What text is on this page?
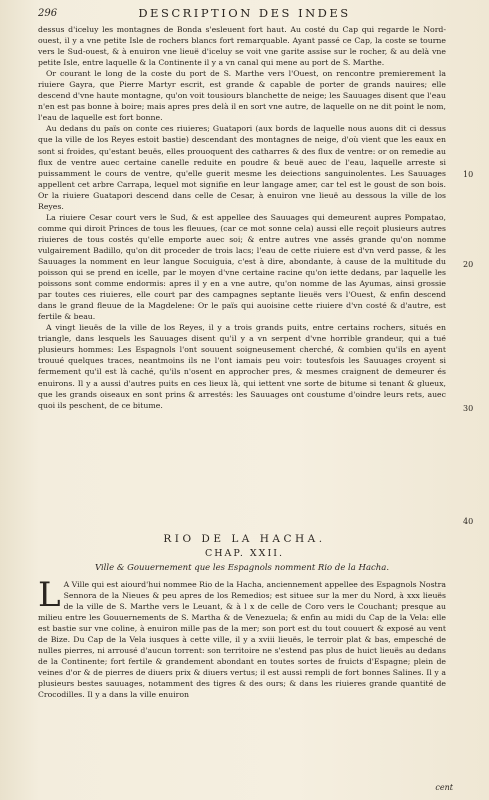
296	DESCRIPTION DES INDES

dessus d'iceluy les montagnes de Bonda s'esleuent fort haut. Au costé du Cap qui regarde le Nord-ouest, il y a vne petite Isle de rochers blancs fort remarquable. Ayant passé ce Cap, la coste se tourne vers le Sud-ouest, & à enuiron vne lieuë d'iceluy se voit vne garite assise sur le rocher, & au delà vne petite Isle, entre laquelle & la Continente il y a vn canal qui mene au port de S. Marthe.

Or courant le long de la coste du port de S. Marthe vers l'Ouest, on rencontre premierement la riuiere Gayra, que Pierre Martyr escrit, est grande & capable de porter de grands nauires; elle descend d'vne haute montagne, qu'on voit tousiours blanchette de neige; les Sauuages disent que l'eau n'en est pas bonne à boire; mais apres pres delà il en sort vne autre, de laquelle on ne dit point le nom, l'eau de laquelle est fort bonne.

Au dedans du païs on conte ces riuieres; Guatapori (aux bords de laquelle nous auons dit ci dessus que la ville de los Reyes estoit bastie) descendant des montagnes de neige, d'où vient que les eaux en sont si froides, qu'estant beuës, elles prouoquent des catharres & des flux de ventre: or on remedie au flux de ventre auec certaine canelle reduite en poudre & beuë auec de l'eau, laquelle arreste si puissamment le cours de ventre, qu'elle guerit mesme les deiections sanguinolentes. Les Sauuages appellent cet arbre Carrapa, lequel mot signifie en leur langage amer, car tel est le goust de son bois. Or la riuiere Guatapori descend dans celle de Cesar, à enuiron vne lieuë au dessous la ville de los Reyes.

La riuiere Cesar court vers le Sud, & est appellee des Sauuages qui demeurent aupres Pompatao, comme qui diroit Princes de tous les fleuues, (car ce mot sonne cela) aussi elle reçoit plusieurs autres riuieres de tous costés qu'elle emporte auec soi; & entre autres vne assés grande qu'on nomme vulgairement Badillo, qu'on dit proceder de trois lacs; l'eau de cette riuiere est d'vn verd passe, & les Sauuages la nomment en leur langue Socuiguia, c'est à dire, abondante, à cause de la multitude du poisson qui se prend en icelle, par le moyen d'vne certaine racine qu'on iette dedans, par laquelle les poissons sont comme endormis: apres il y en a vne autre, qu'on nomme de las Ayumas, ainsi grossie par toutes ces riuieres, elle court par des campagnes septante lieuës vers l'Ouest, & enfin descend dans le grand fleuue de la Magdelene: Or le païs qui auoisine cette riuiere d'vn costé & d'autre, est fertile & beau.

A vingt lieuës de la ville de los Reyes, il y a trois grands puits, entre certains rochers, situés en triangle, dans lesquels les Sauuages disent qu'il y a vn serpent d'vne horrible grandeur, qui a tué plusieurs hommes: Les Espagnols l'ont souuent soigneusement cherché, & combien qu'ils en ayent trouué quelques traces, neantmoins ils ne l'ont iamais peu voir: toutesfois les Sauuages croyent si fermement qu'il est là caché, qu'ils n'osent en approcher pres, & mesmes craignent de demeurer és enuirons. Il y a aussi d'autres puits en ces lieux là, qui iettent vne sorte de bitume si tenant & glueux, que les grands oiseaux en sont prins & arrestés: les Sauuages ont coustume d'oindre leurs rets, auec quoi ils peschent, de ce bitume.

10
20
30
40
RIO DE LA HACHA.
CHAP. XXII.
Ville & Gouuernement que les Espagnols nomment Rio de la Hacha.
L A Ville qui est aiourd'hui nommee Rio de la Hacha, anciennement appellee des Espagnols Nostra Sennora de la Nieues & peu apres de los Remedios; est situee sur la mer du Nord, à xxx lieuës de la ville de S. Marthe vers le Leuant, & à l x de celle de Coro vers le Couchant; presque au milieu entre les Gouuernements de S. Martha & de Venezuela; & enfin au midi du Cap de la Vela: elle est bastie sur vne coline, à enuiron mille pas de la mer; son port est du tout couuert & exposé au vent de Bize. Du Cap de la Vela iusques à cette ville, il y a xviii lieuës, le terroir plat & bas, empesché de nulles pierres, ni arrousé d'aucun torrent: son territoire ne s'estend pas plus de huict lieuës au dedans de la Continente; fort fertile & grandement abondant en toutes sortes de fruicts d'Espagne; plein de veines d'or & de pierres de diuers prix & diuers vertus; il est aussi rempli de fort bonnes Salines. Il y a plusieurs bestes sauuages, notamment des tigres & des ours; & dans les riuieres grande quantité de Crocodilles. Il y a dans la ville enuiron
cent
